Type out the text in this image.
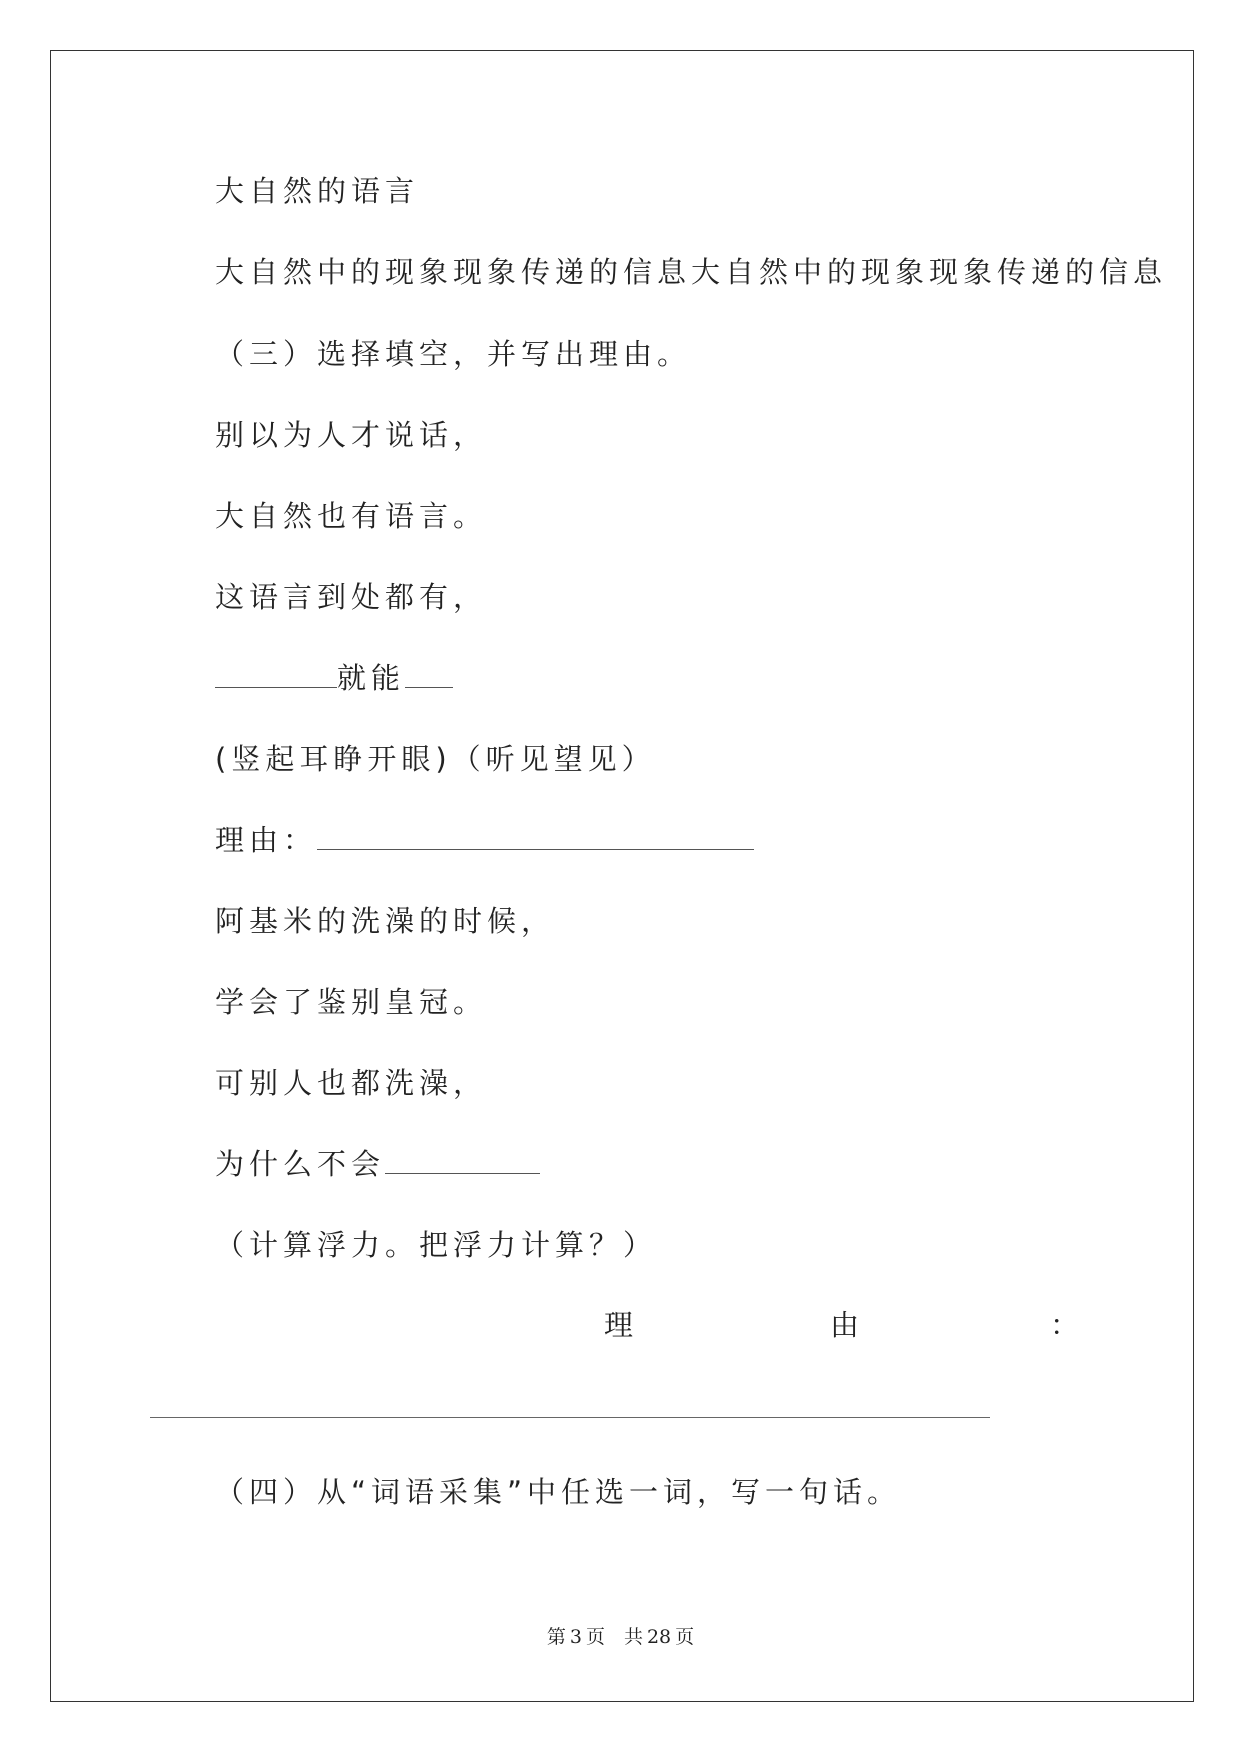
大自然的语言
大自然中的现象现象传递的信息大自然中的现象现象传递的信息
（三）选择填空，并写出理由。
别以为人才说话，
大自然也有语言。
这语言到处都有，
就能
(竖起耳睁开眼)（听见望见）
理由：
阿基米的洗澡的时候，
学会了鉴别皇冠。
可别人也都洗澡，
为什么不会
（计算浮力。把浮力计算？）
理	由	：
（四）从“词语采集”中任选一词，写一句话。
第 3 页　共 28 页
